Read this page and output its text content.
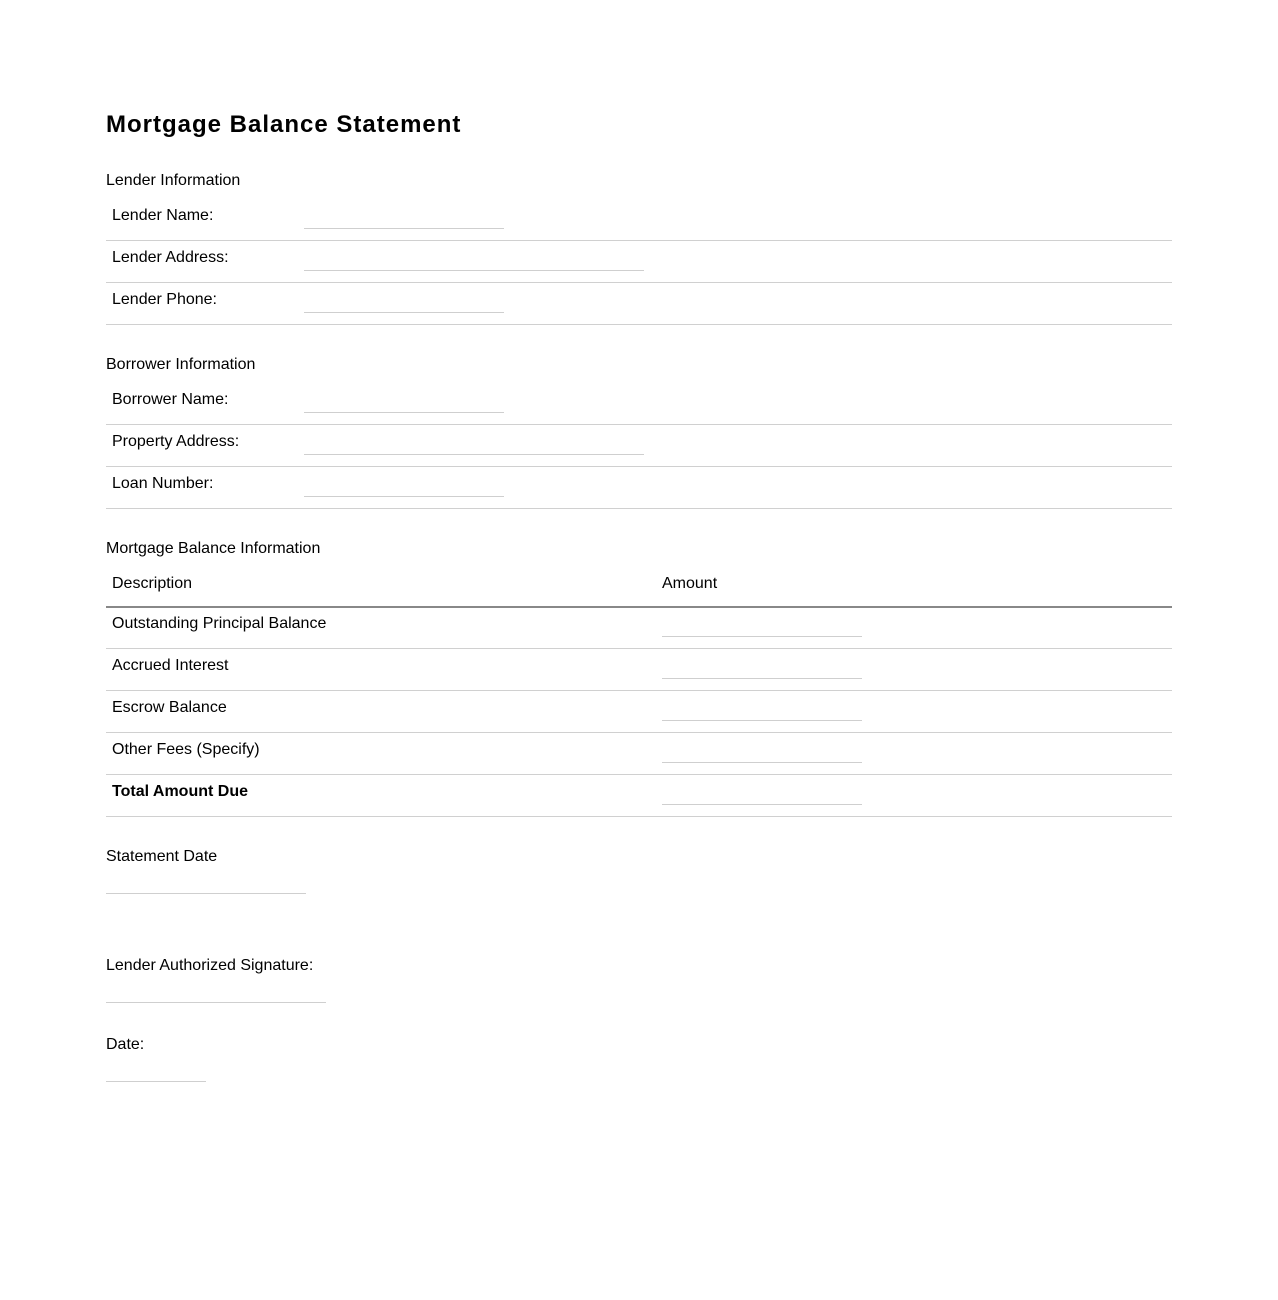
Mortgage Balance Statement
Lender Information
Lender Name:
Lender Address:
Lender Phone:
Borrower Information
Borrower Name:
Property Address:
Loan Number:
Mortgage Balance Information
Description	Amount
Outstanding Principal Balance
Accrued Interest
Escrow Balance
Other Fees (Specify)
Total Amount Due
Statement Date
Lender Authorized Signature:
Date:
